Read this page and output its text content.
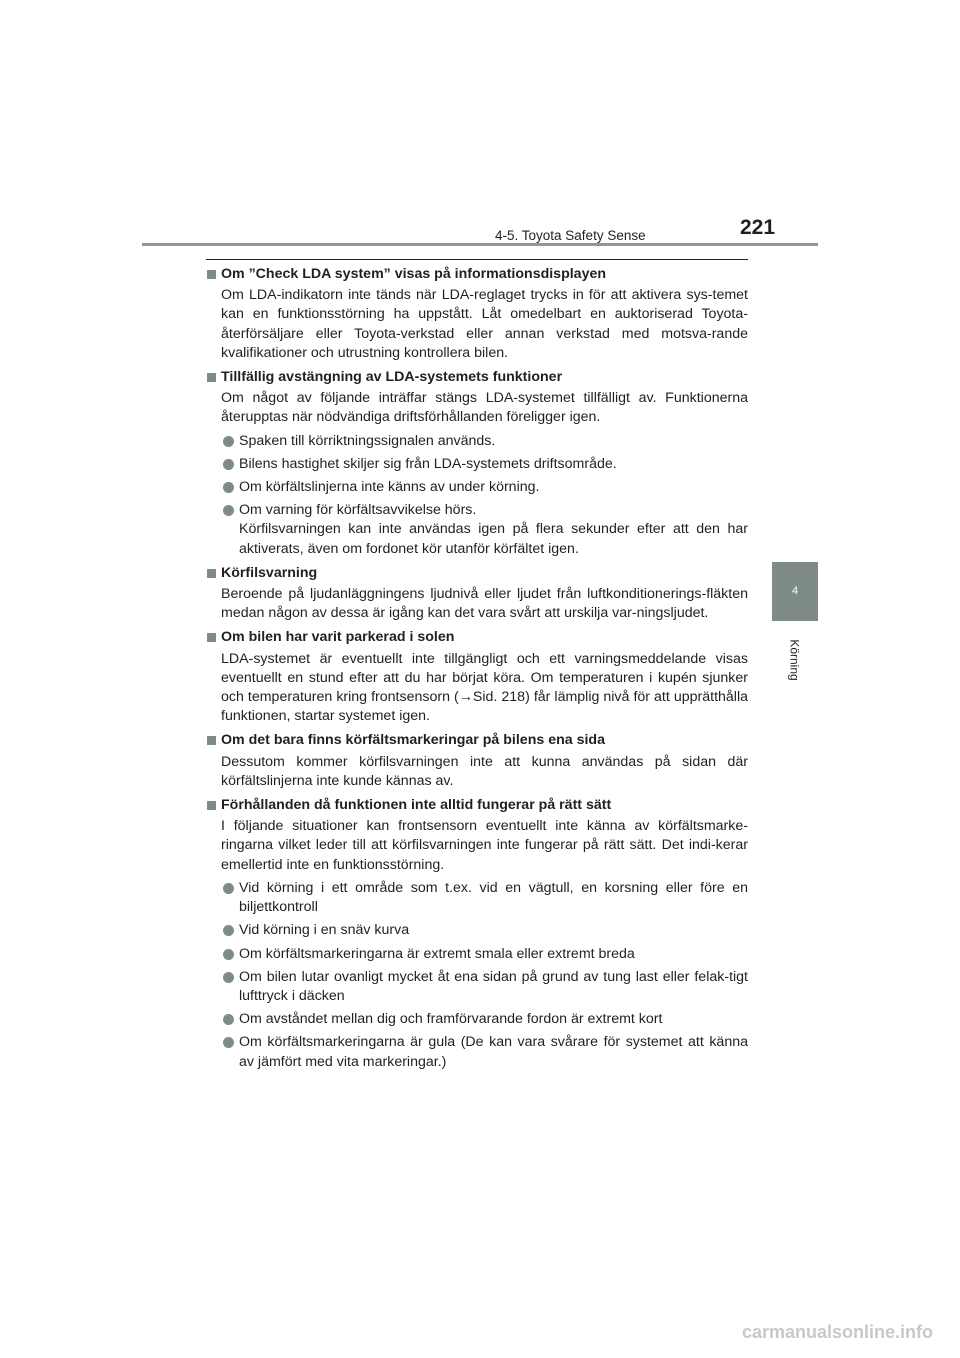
4-5. Toyota Safety Sense	221
4
Körning
Om ”Check LDA system” visas på informationsdisplayen
Om LDA-indikatorn inte tänds när LDA-reglaget trycks in för att aktivera sys-temet kan en funktionsstörning ha uppstått. Låt omedelbart en auktoriserad Toyota-återförsäljare eller Toyota-verkstad eller annan verkstad med motsva-rande kvalifikationer och utrustning kontrollera bilen.
Tillfällig avstängning av LDA-systemets funktioner
Om något av följande inträffar stängs LDA-systemet tillfälligt av. Funktionerna återupptas när nödvändiga driftsförhållanden föreligger igen.
Spaken till körriktningssignalen används.
Bilens hastighet skiljer sig från LDA-systemets driftsområde.
Om körfältslinjerna inte känns av under körning.
Om varning för körfältsavvikelse hörs.
Körfilsvarningen kan inte användas igen på flera sekunder efter att den har aktiverats, även om fordonet kör utanför körfältet igen.
Körfilsvarning
Beroende på ljudanläggningens ljudnivå eller ljudet från luftkonditionerings-fläkten medan någon av dessa är igång kan det vara svårt att urskilja var-ningsljudet.
Om bilen har varit parkerad i solen
LDA-systemet är eventuellt inte tillgängligt och ett varningsmeddelande visas eventuellt en stund efter att du har börjat köra. Om temperaturen i kupén sjunker och temperaturen kring frontsensorn (→Sid. 218) får lämplig nivå för att upprätthålla funktionen, startar systemet igen.
Om det bara finns körfältsmarkeringar på bilens ena sida
Dessutom kommer körfilsvarningen inte att kunna användas på sidan där körfältslinjerna inte kunde kännas av.
Förhållanden då funktionen inte alltid fungerar på rätt sätt
I följande situationer kan frontsensorn eventuellt inte känna av körfältsmarke-ringarna vilket leder till att körfilsvarningen inte fungerar på rätt sätt. Det indi-kerar emellertid inte en funktionsstörning.
Vid körning i ett område som t.ex. vid en vägtull, en korsning eller före en biljettkontroll
Vid körning i en snäv kurva
Om körfältsmarkeringarna är extremt smala eller extremt breda
Om bilen lutar ovanligt mycket åt ena sidan på grund av tung last eller felak-tigt lufttryck i däcken
Om avståndet mellan dig och framförvarande fordon är extremt kort
Om körfältsmarkeringarna är gula (De kan vara svårare för systemet att känna av jämfört med vita markeringar.)
carmanualsonline.info
